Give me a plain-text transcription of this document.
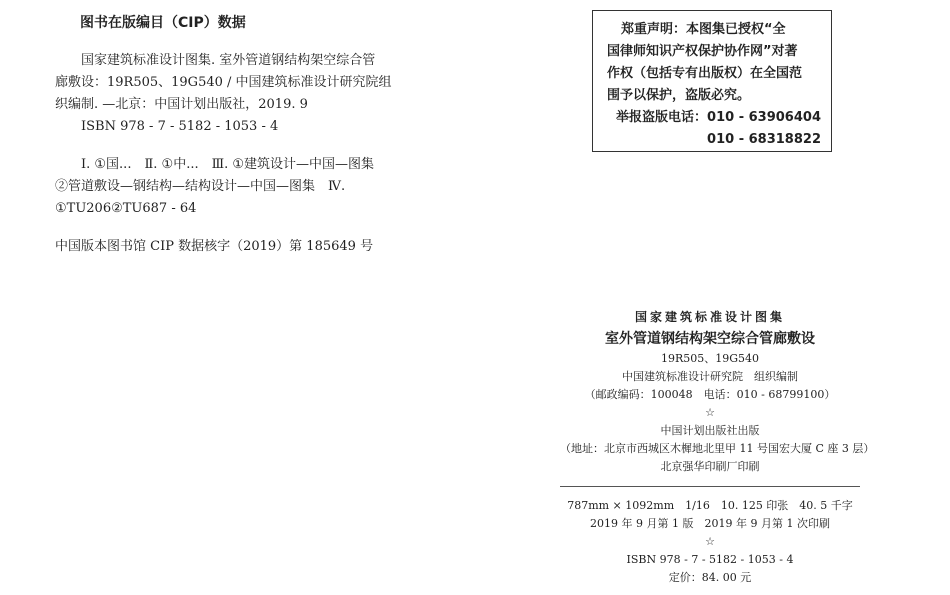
图书在版编目（CIP）数据

国家建筑标准设计图集. 室外管道钢结构架空综合管

廊敷设：19R505、19G540 / 中国建筑标准设计研究院组

织编制. —北京：中国计划出版社，2019. 9

ISBN 978 - 7 - 5182 - 1053 - 4

Ⅰ. ①国...　Ⅱ. ①中...　Ⅲ. ①建筑设计—中国—图集

②管道敷设—钢结构—结构设计—中国—图集　Ⅳ.

①TU206②TU687 - 64

中国版本图书馆 CIP 数据核字（2019）第 185649 号

郑重声明：本图集已授权“全

国律师知识产权保护协作网”对著

作权（包括专有出版权）在全国范

围予以保护，盗版必究。

举报盗版电话：010 - 63906404

010 - 68318822

国家建筑标准设计图集

室外管道钢结构架空综合管廊敷设

19R505、19G540

中国建筑标准设计研究院　组织编制

（邮政编码：100048　电话：010 - 68799100）

☆

中国计划出版社出版

（地址：北京市西城区木樨地北里甲 11 号国宏大厦 C 座 3 层）

北京强华印刷厂印刷

787mm × 1092mm　1/16　10. 125 印张　40. 5 千字

2019 年 9 月第 1 版　2019 年 9 月第 1 次印刷

☆

ISBN 978 - 7 - 5182 - 1053 - 4

定价：84. 00 元
